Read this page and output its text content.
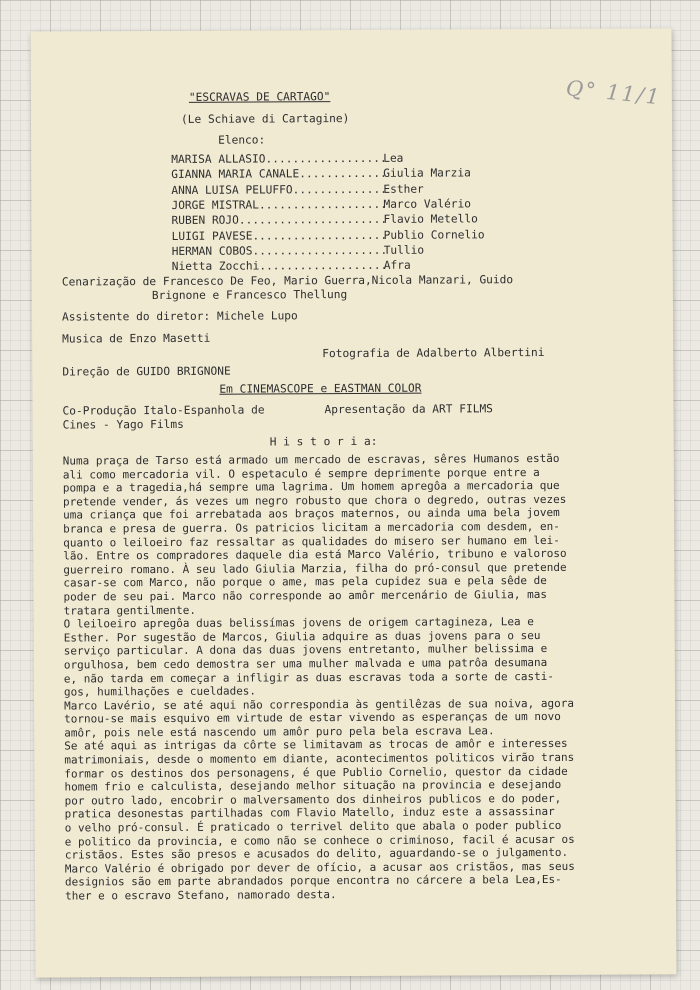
Q° 11/1
"ESCRAVAS DE CARTAGO"
(Le Schiave di Cartagine)
Elenco:
MARISA ALLASIO..................
Lea
GIANNA MARIA CANALE.............
Giulia Marzia
ANNA LUISA PELUFFO..............
Esther
JORGE MISTRAL...................
Marco Valério
RUBEN ROJO......................
Flavio Metello
LUIGI PAVESE....................
Publio Cornelio
HERMAN COBOS....................
Tullio
Nietta Zocchi...................
Afra
Cenarização de Francesco De Feo, Mario Guerra,Nicola Manzari, Guido
Brignone e Francesco Thellung
Assistente do diretor: Michele Lupo
Musica de Enzo Masetti
Fotografia de Adalberto Albertini
Direção de GUIDO BRIGNONE
Em CINEMASCOPE e EASTMAN COLOR
Co-Produção Italo-Espanhola de
Cines - Yago Films
Apresentação da ART FILMS
H i s t o r i a:

Numa praça de Tarso está armado um mercado de escravas, sêres Humanos estão
ali como mercadoria vil. O espetaculo é sempre deprimente porque entre a
pompa e a tragedia,há sempre uma lagrima. Um homem apregôa a mercadoria que
pretende vender, ás vezes um negro robusto que chora o degredo, outras vezes
uma criança que foi arrebatada aos braços maternos, ou ainda uma bela jovem
branca e presa de guerra. Os patricios licitam a mercadoria com desdem, en-
quanto o leiloeiro faz ressaltar as qualidades do misero ser humano em lei-
lão. Entre os compradores daquele dia está Marco Valério, tribuno e valoroso
guerreiro romano. À seu lado Giulia Marzia, filha do pró-consul que pretende
casar-se com Marco, não porque o ame, mas pela cupidez sua e pela sêde de
poder de seu pai. Marco não corresponde ao amôr mercenário de Giulia, mas
tratara gentilmente.

O leiloeiro apregôa duas belissímas jovens de origem cartagineza, Lea e
Esther. Por sugestão de Marcos, Giulia adquire as duas jovens para o seu
serviço particular. A dona das duas jovens entretanto, mulher belissima e
orgulhosa, bem cedo demostra ser uma mulher malvada e uma patrôa desumana
e, não tarda em começar a infligir as duas escravas toda a sorte de casti-
gos, humilhações e cueldades.

Marco Lavério, se até aqui não correspondia às gentilêzas de sua noiva, agora
tornou-se mais esquivo em virtude de estar vivendo as esperanças de um novo
amôr, pois nele está nascendo um amôr puro pela bela escrava Lea.

Se até aqui as intrigas da côrte se limitavam as trocas de amôr e interesses
matrimoniais, desde o momento em diante, acontecimentos politicos virão trans
formar os destinos dos personagens, é que Publio Cornelio, questor da cidade
homem frio e calculista, desejando melhor situação na provincia e desejando
por outro lado, encobrir o malversamento dos dinheiros publicos e do poder,
pratica desonestas partilhadas com Flavio Matello, induz este a assassinar
o velho pró-consul. É praticado o terrivel delito que abala o poder publico
e politico da provincia, e como não se conhece o criminoso, facil é acusar os
cristãos. Estes são presos e acusados do delito, aguardando-se o julgamento.

Marco Valério é obrigado por dever de ofício, a acusar aos cristãos, mas seus
designios são em parte abrandados porque encontra no cárcere a bela Lea,Es-
ther e o escravo Stefano, namorado desta.
